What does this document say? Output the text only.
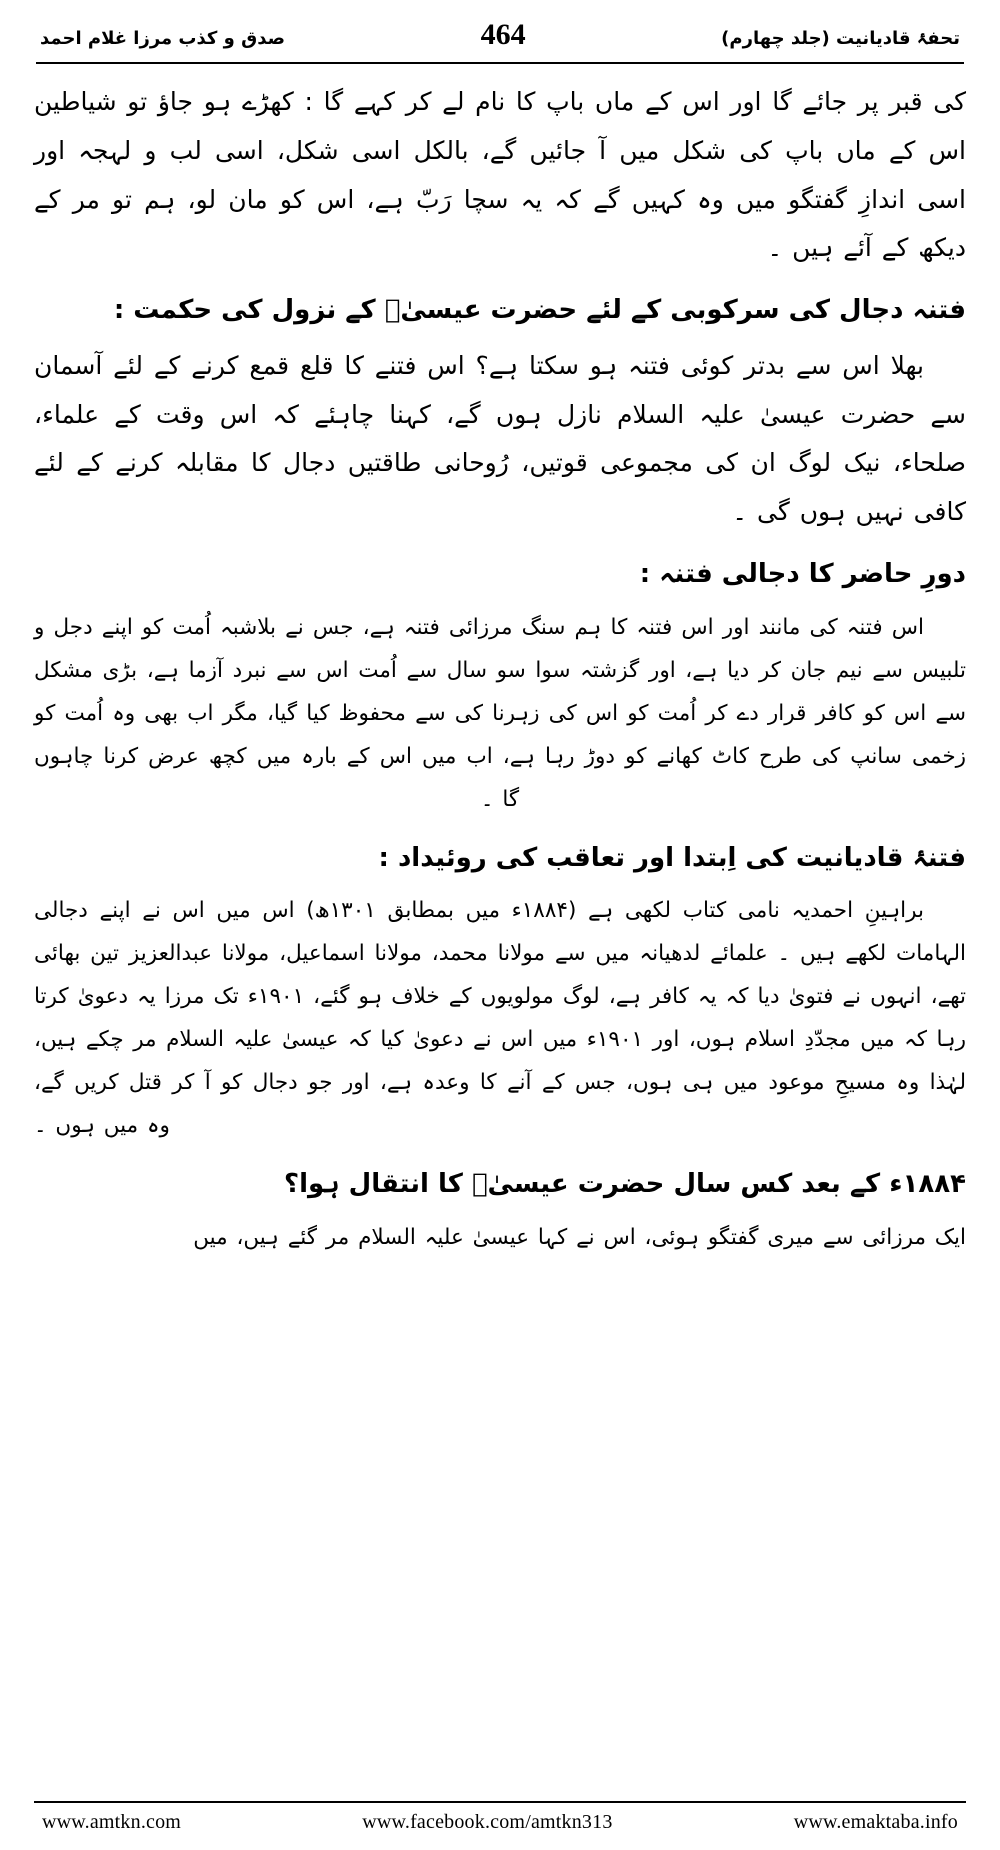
تحفۂ قادیانیت (جلد چهارم)
464
صدق و کذب مرزا غلام احمد

کی قبر پر جائے گا اور اس کے ماں باپ کا نام لے کر کہے گا : کھڑے ہو جاؤ تو شیاطین اس کے ماں باپ کی شکل میں آ جائیں گے، بالکل اسی شکل، اسی لب و لہجہ اور اسی اندازِ گفتگو میں وہ کہیں گے کہ یہ سچا رَبّ ہے، اس کو مان لو، ہم تو مر کے دیکھ کے آئے ہیں ۔

فتنہ دجال کی سرکوبی کے لئے حضرت عیسیٰؑ کے نزول کی حکمت :

بھلا اس سے بدتر کوئی فتنہ ہو سکتا ہے؟ اس فتنے کا قلع قمع کرنے کے لئے آسمان سے حضرت عیسیٰ علیہ السلام نازل ہوں گے، کہنا چاہئے کہ اس وقت کے علماء، صلحاء، نیک لوگ ان کی مجموعی قوتیں، رُوحانی طاقتیں دجال کا مقابلہ کرنے کے لئے کافی نہیں ہوں گی ۔

دورِ حاضر کا دجالی فتنہ :

اس فتنہ کی مانند اور اس فتنہ کا ہم سنگ مرزائی فتنہ ہے، جس نے بلاشبہ اُمت کو اپنے دجل و تلبیس سے نیم جان کر دیا ہے، اور گزشتہ سوا سو سال سے اُمت اس سے نبرد آزما ہے، بڑی مشکل سے اس کو کافر قرار دے کر اُمت کو اس کی زہرنا کی سے محفوظ کیا گیا، مگر اب بھی وہ اُمت کو زخمی سانپ کی طرح کاٹ کھانے کو دوڑ رہا ہے، اب میں اس کے بارہ میں کچھ عرض کرنا چاہوں گا ۔

فتنۂ قادیانیت کی اِبتدا اور تعاقب کی روئیداد :

براہینِ احمدیہ نامی کتاب لکھی ہے (۱۸۸۴ء میں بمطابق ۱۳۰۱ھ) اس میں اس نے اپنے دجالی الہامات لکھے ہیں ۔ علمائے لدھیانہ میں سے مولانا محمد، مولانا اسماعیل، مولانا عبدالعزیز تین بھائی تھے، انہوں نے فتویٰ دیا کہ یہ کافر ہے، لوگ مولویوں کے خلاف ہو گئے، ۱۹۰۱ء تک مرزا یہ دعویٰ کرتا رہا کہ میں مجدّدِ اسلام ہوں، اور ۱۹۰۱ء میں اس نے دعویٰ کیا کہ عیسیٰ علیہ السلام مر چکے ہیں، لہٰذا وہ مسیحِ موعود میں ہی ہوں، جس کے آنے کا وعدہ ہے، اور جو دجال کو آ کر قتل کریں گے، وہ میں ہوں ۔

۱۸۸۴ء کے بعد کس سال حضرت عیسیٰؑ کا انتقال ہوا؟

ایک مرزائی سے میری گفتگو ہوئی، اس نے کہا عیسیٰ علیہ السلام مر گئے ہیں، میں

www.amtkn.com	www.facebook.com/amtkn313	www.emaktaba.info
